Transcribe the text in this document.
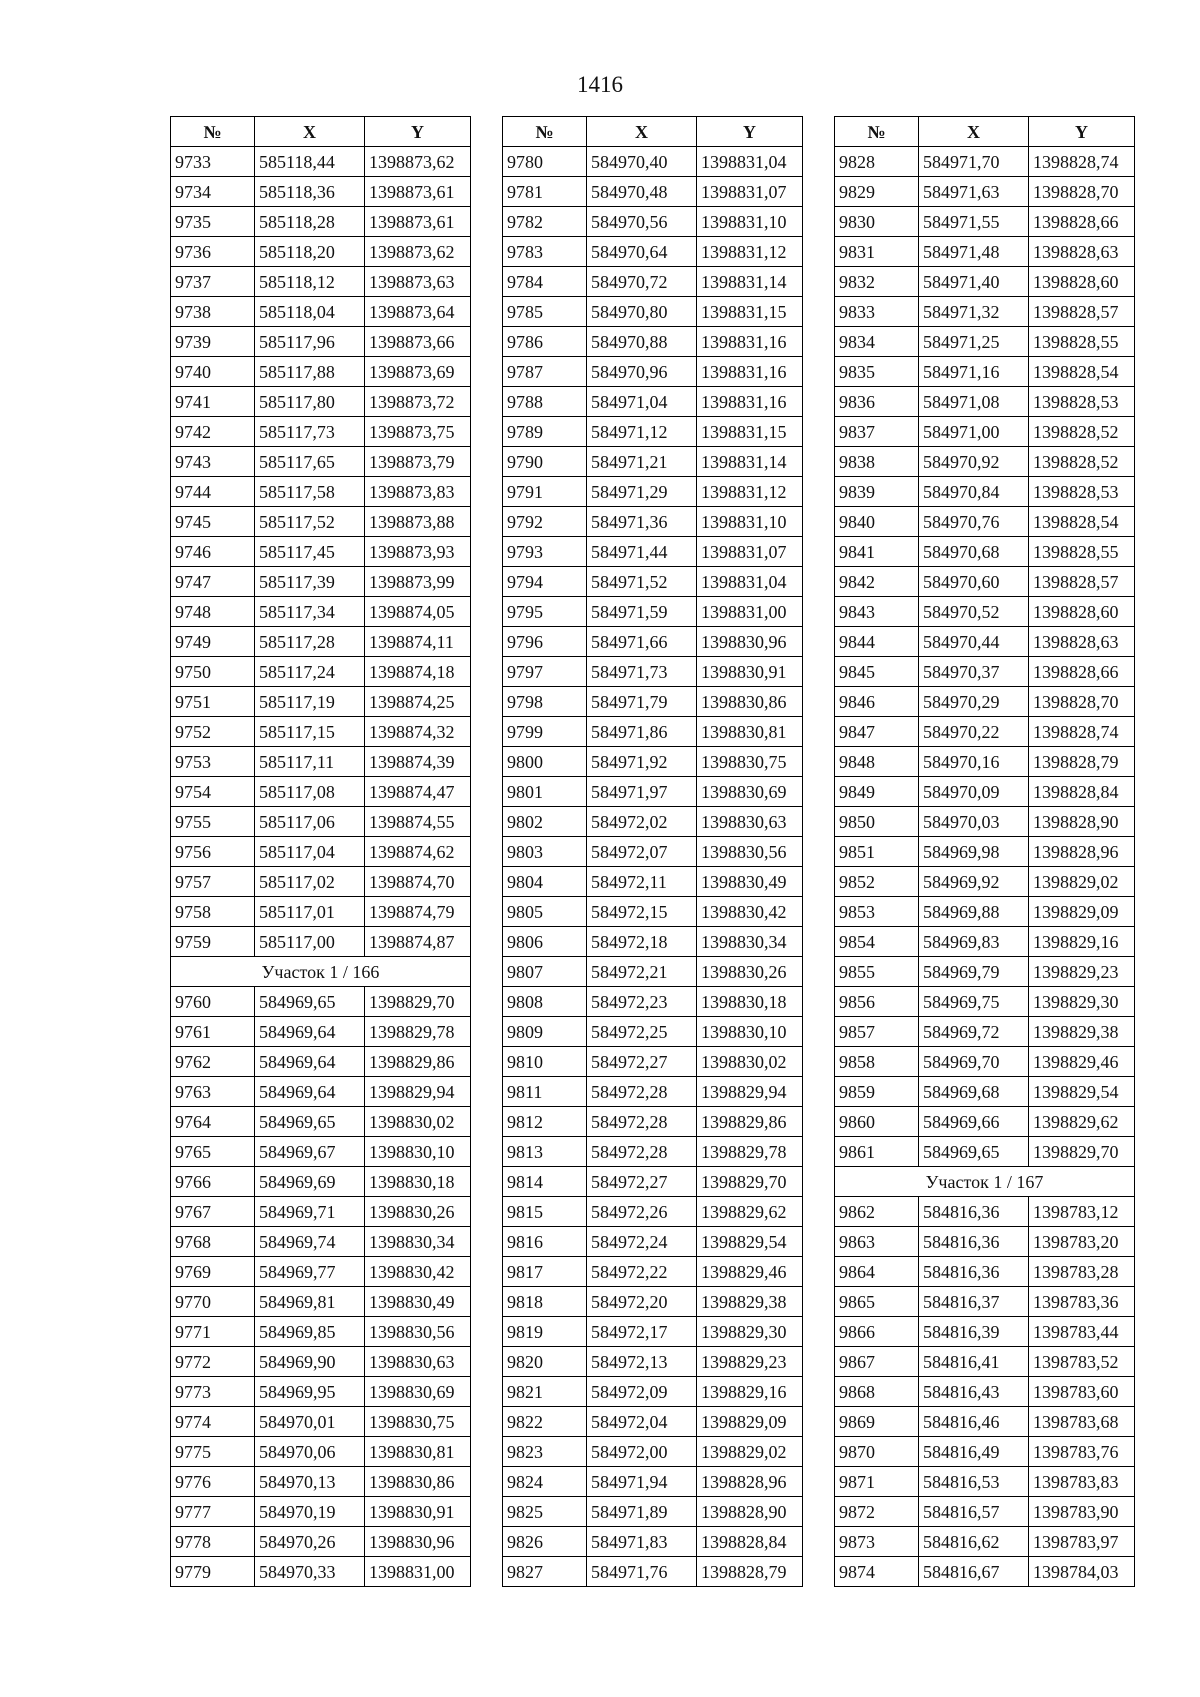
1416
№	X	Y
9733	585118,44	1398873,62
9734	585118,36	1398873,61
9735	585118,28	1398873,61
9736	585118,20	1398873,62
9737	585118,12	1398873,63
9738	585118,04	1398873,64
9739	585117,96	1398873,66
9740	585117,88	1398873,69
9741	585117,80	1398873,72
9742	585117,73	1398873,75
9743	585117,65	1398873,79
9744	585117,58	1398873,83
9745	585117,52	1398873,88
9746	585117,45	1398873,93
9747	585117,39	1398873,99
9748	585117,34	1398874,05
9749	585117,28	1398874,11
9750	585117,24	1398874,18
9751	585117,19	1398874,25
9752	585117,15	1398874,32
9753	585117,11	1398874,39
9754	585117,08	1398874,47
9755	585117,06	1398874,55
9756	585117,04	1398874,62
9757	585117,02	1398874,70
9758	585117,01	1398874,79
9759	585117,00	1398874,87
Участок 1 / 166		
9760	584969,65	1398829,70
9761	584969,64	1398829,78
9762	584969,64	1398829,86
9763	584969,64	1398829,94
9764	584969,65	1398830,02
9765	584969,67	1398830,10
9766	584969,69	1398830,18
9767	584969,71	1398830,26
9768	584969,74	1398830,34
9769	584969,77	1398830,42
9770	584969,81	1398830,49
9771	584969,85	1398830,56
9772	584969,90	1398830,63
9773	584969,95	1398830,69
9774	584970,01	1398830,75
9775	584970,06	1398830,81
9776	584970,13	1398830,86
9777	584970,19	1398830,91
9778	584970,26	1398830,96
9779	584970,33	1398831,00
№	X	Y
9780	584970,40	1398831,04
9781	584970,48	1398831,07
9782	584970,56	1398831,10
9783	584970,64	1398831,12
9784	584970,72	1398831,14
9785	584970,80	1398831,15
9786	584970,88	1398831,16
9787	584970,96	1398831,16
9788	584971,04	1398831,16
9789	584971,12	1398831,15
9790	584971,21	1398831,14
9791	584971,29	1398831,12
9792	584971,36	1398831,10
9793	584971,44	1398831,07
9794	584971,52	1398831,04
9795	584971,59	1398831,00
9796	584971,66	1398830,96
9797	584971,73	1398830,91
9798	584971,79	1398830,86
9799	584971,86	1398830,81
9800	584971,92	1398830,75
9801	584971,97	1398830,69
9802	584972,02	1398830,63
9803	584972,07	1398830,56
9804	584972,11	1398830,49
9805	584972,15	1398830,42
9806	584972,18	1398830,34
9807	584972,21	1398830,26
9808	584972,23	1398830,18
9809	584972,25	1398830,10
9810	584972,27	1398830,02
9811	584972,28	1398829,94
9812	584972,28	1398829,86
9813	584972,28	1398829,78
9814	584972,27	1398829,70
9815	584972,26	1398829,62
9816	584972,24	1398829,54
9817	584972,22	1398829,46
9818	584972,20	1398829,38
9819	584972,17	1398829,30
9820	584972,13	1398829,23
9821	584972,09	1398829,16
9822	584972,04	1398829,09
9823	584972,00	1398829,02
9824	584971,94	1398828,96
9825	584971,89	1398828,90
9826	584971,83	1398828,84
9827	584971,76	1398828,79
№	X	Y
9828	584971,70	1398828,74
9829	584971,63	1398828,70
9830	584971,55	1398828,66
9831	584971,48	1398828,63
9832	584971,40	1398828,60
9833	584971,32	1398828,57
9834	584971,25	1398828,55
9835	584971,16	1398828,54
9836	584971,08	1398828,53
9837	584971,00	1398828,52
9838	584970,92	1398828,52
9839	584970,84	1398828,53
9840	584970,76	1398828,54
9841	584970,68	1398828,55
9842	584970,60	1398828,57
9843	584970,52	1398828,60
9844	584970,44	1398828,63
9845	584970,37	1398828,66
9846	584970,29	1398828,70
9847	584970,22	1398828,74
9848	584970,16	1398828,79
9849	584970,09	1398828,84
9850	584970,03	1398828,90
9851	584969,98	1398828,96
9852	584969,92	1398829,02
9853	584969,88	1398829,09
9854	584969,83	1398829,16
9855	584969,79	1398829,23
9856	584969,75	1398829,30
9857	584969,72	1398829,38
9858	584969,70	1398829,46
9859	584969,68	1398829,54
9860	584969,66	1398829,62
9861	584969,65	1398829,70
Участок 1 / 167		
9862	584816,36	1398783,12
9863	584816,36	1398783,20
9864	584816,36	1398783,28
9865	584816,37	1398783,36
9866	584816,39	1398783,44
9867	584816,41	1398783,52
9868	584816,43	1398783,60
9869	584816,46	1398783,68
9870	584816,49	1398783,76
9871	584816,53	1398783,83
9872	584816,57	1398783,90
9873	584816,62	1398783,97
9874	584816,67	1398784,03
